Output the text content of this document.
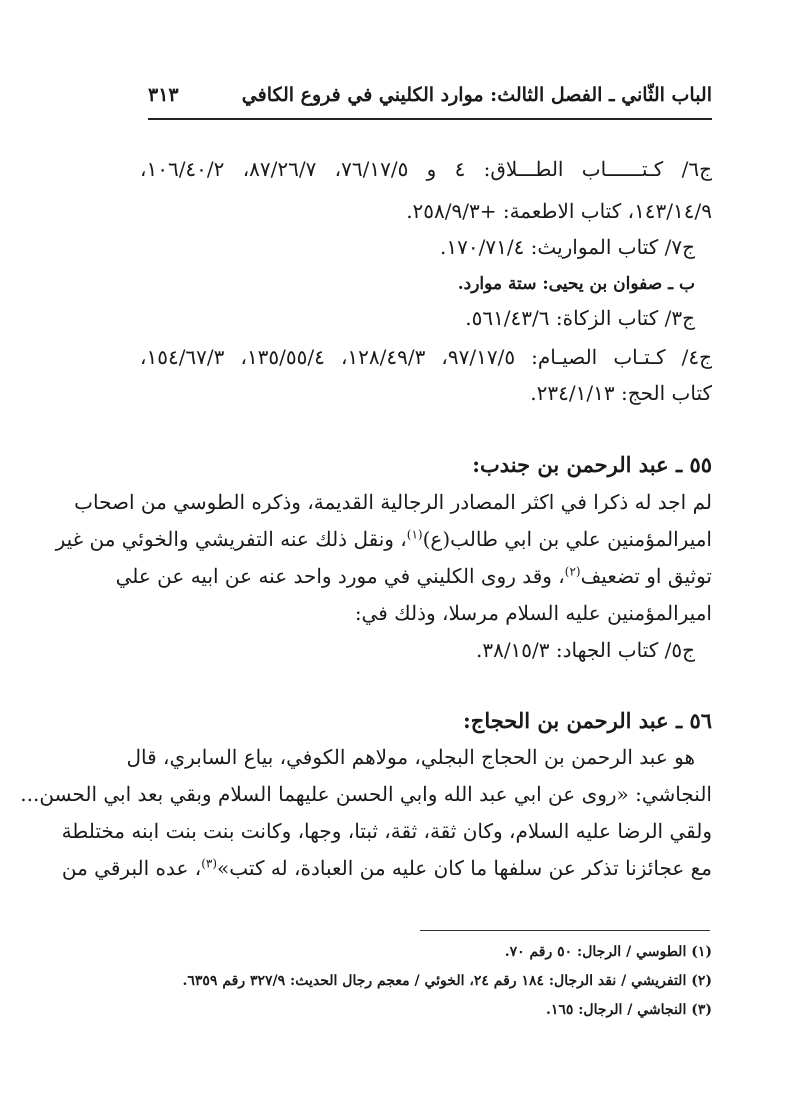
الباب الثّاني ـ الفصل الثالث: موارد الكليني في فروع الكافي
٣١٣
ج٦/ كـتــــــاب الطـــلاق: ٤ و ٧٦/١٧/٥، ٨٧/٢٦/٧، ١٠٦/٤٠/٢،
١٤٣/١٤/٩، كتاب الاطعمة: +٢٥٨/٩/٣.
ج٧/ كتاب المواريث: ١٧٠/٧١/٤.
ب ـ صفوان بن يحيى: ستة موارد.
ج٣/ كتاب الزكاة: ٥٦١/٤٣/٦.
ج٤/ كـتـاب الصيـام: ٩٧/١٧/٥، ١٢٨/٤٩/٣، ١٣٥/٥٥/٤، ١٥٤/٦٧/٣،
كتاب الحج: ٢٣٤/١/١٣.
٥٥ ـ عبد الرحمن بن جندب:
لم اجد له ذكرا في اكثر المصادر الرجالية القديمة، وذكره الطوسي من اصحاب
اميرالمؤمنين علي بن ابي طالب(ع)$^{(١)}$، ونقل ذلك عنه التفريشي والخوئي من غير
توثيق او تضعيف$^{(٢)}$، وقد روى الكليني في مورد واحد عنه عن ابيه عن علي
اميرالمؤمنين عليه السلام مرسلا، وذلك في:
ج٥/ كتاب الجهاد: ٣٨/١٥/٣.
٥٦ ـ عبد الرحمن بن الحجاج:
هو عبد الرحمن بن الحجاج البجلي، مولاهم الكوفي، بياع السابري، قال
النجاشي: «روى عن ابي عبد الله وابي الحسن عليهما السلام وبقي بعد ابي الحسن...
ولقي الرضا عليه السلام، وكان ثقة، ثقة، ثبتا، وجها، وكانت بنت بنت ابنه مختلطة
مع عجائزنا تذكر عن سلفها ما كان عليه من العبادة، له كتب»$^{(٣)}$، عده البرقي من
(١) الطوسي / الرجال: ٥٠ رقم ٧٠.
(٢) التفريشي / نقد الرجال: ١٨٤ رقم ٢٤، الخوئي / معجم رجال الحديث: ٣٢٧/٩ رقم ٦٣٥٩.
(٣) النجاشي / الرجال: ١٦٥.
